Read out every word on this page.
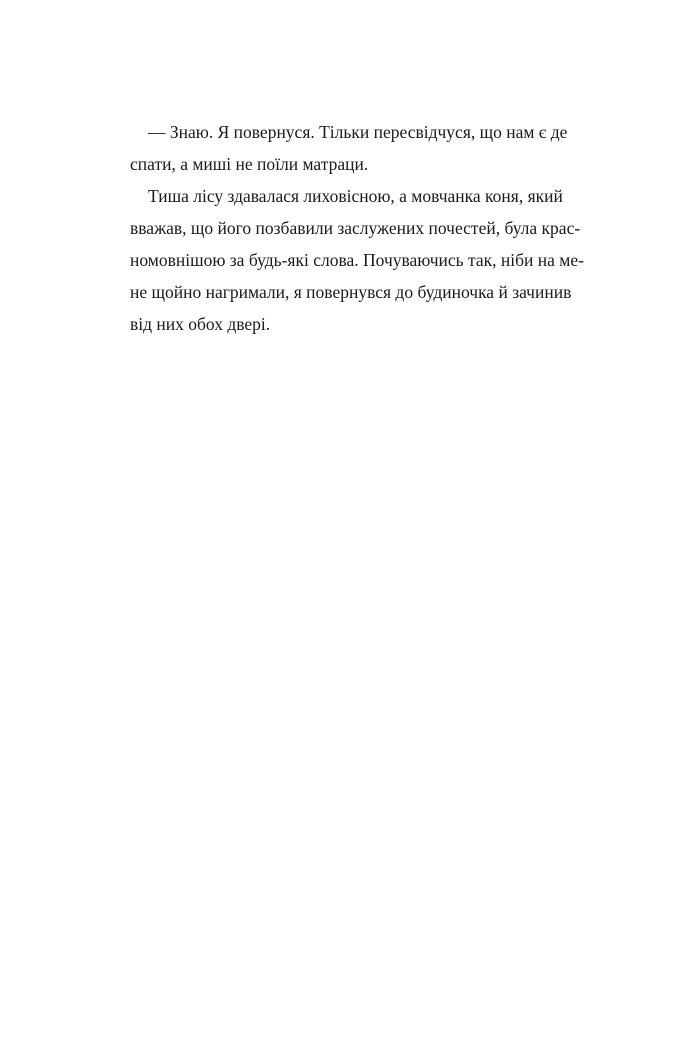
— Знаю. Я повернуся. Тільки пересвідчуся, що нам є де
спати, а миші не поїли матраци.
Тиша лісу здавалася лиховісною, а мовчанка коня, який
вважав, що його позбавили заслужених почестей, була крас-
номовнішою за будь-які слова. Почуваючись так, ніби на ме-
не щойно нагримали, я повернувся до будиночка й зачинив
від них обох двері.
